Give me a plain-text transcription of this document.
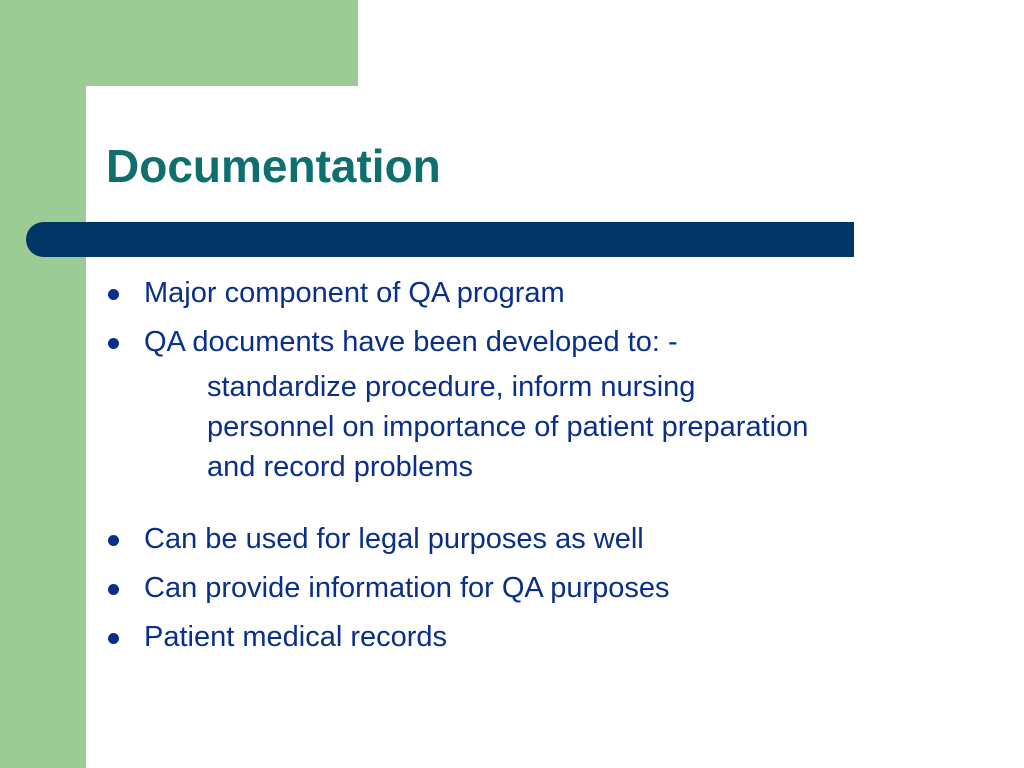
Documentation
Major component of QA program
QA documents have been developed to: -
standardize procedure, inform nursing personnel on importance of patient preparation and record problems
Can be used for legal purposes as well
Can provide information for QA purposes
Patient medical records
